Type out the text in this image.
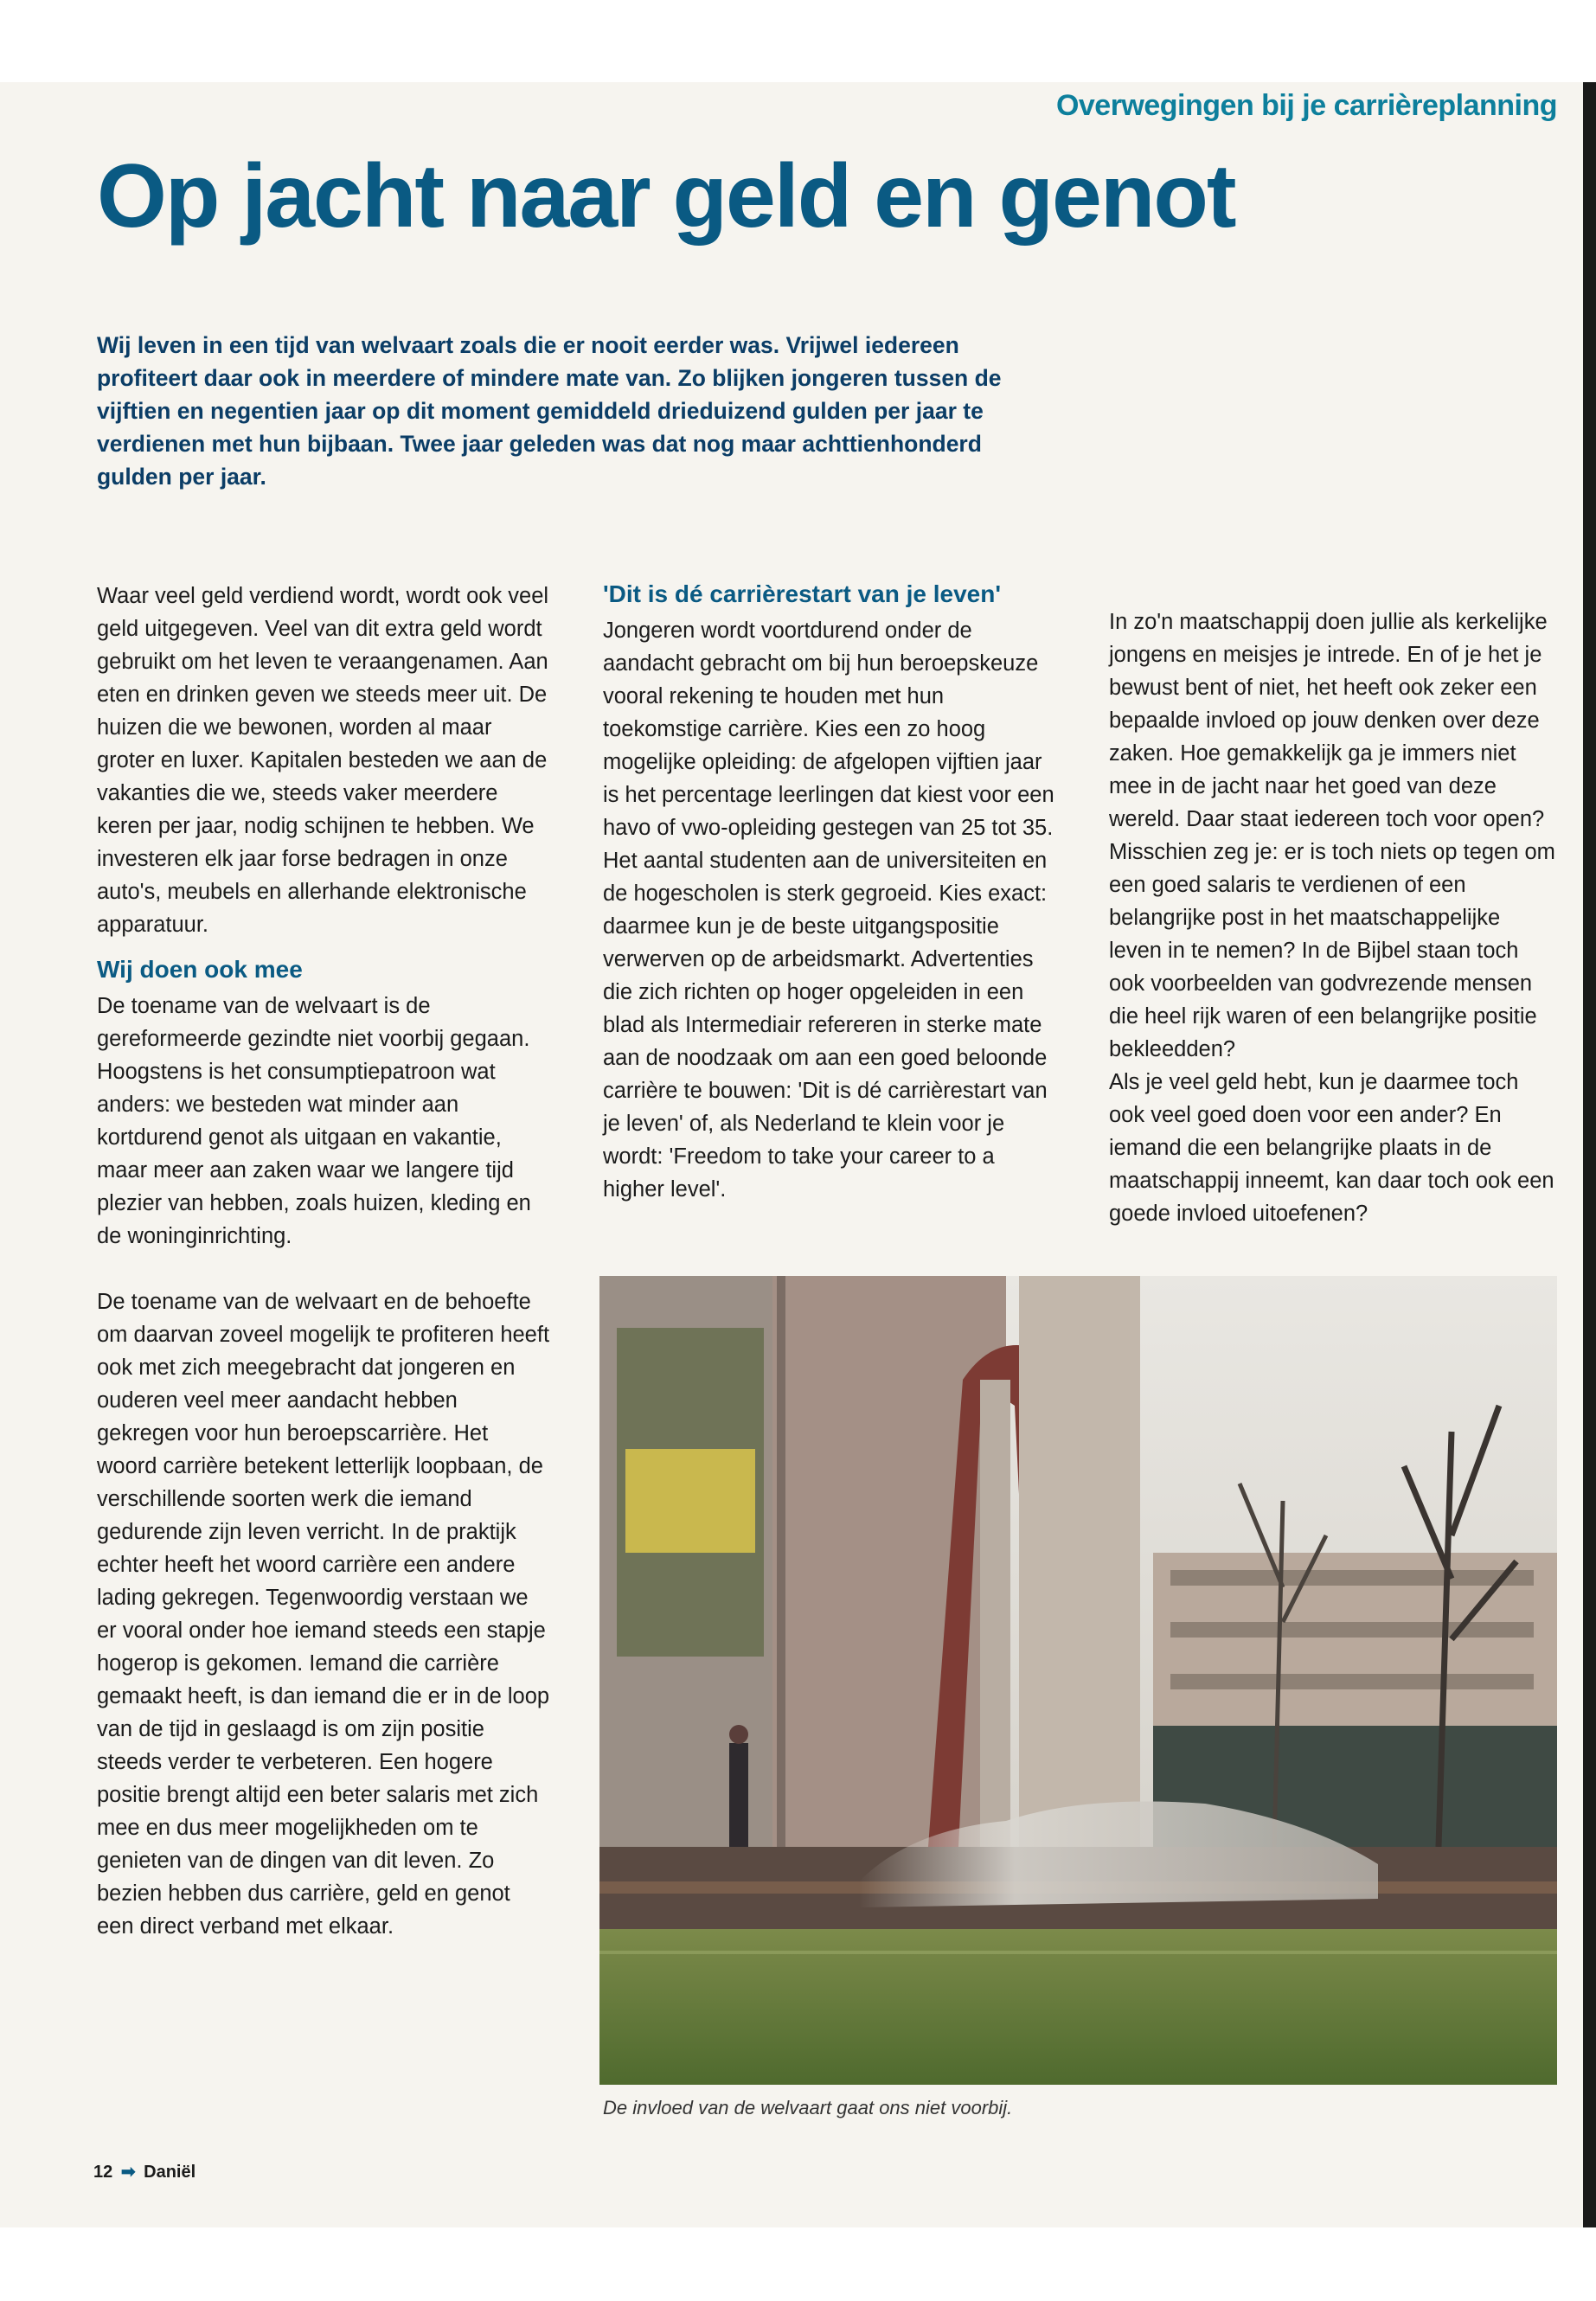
Overwegingen bij je carrièreplanning
Op jacht naar geld en genot

Wij leven in een tijd van welvaart zoals die er nooit eerder was. Vrijwel iedereen profiteert daar ook in meerdere of mindere mate van. Zo blijken jongeren tussen de vijftien en negentien jaar op dit moment gemiddeld drieduizend gulden per jaar te verdienen met hun bijbaan. Twee jaar geleden was dat nog maar achttienhonderd gulden per jaar.

Waar veel geld verdiend wordt, wordt ook veel geld uitgegeven. Veel van dit extra geld wordt gebruikt om het leven te veraangenamen. Aan eten en drinken geven we steeds meer uit. De huizen die we bewonen, worden al maar groter en luxer. Kapitalen besteden we aan de vakanties die we, steeds vaker meerdere keren per jaar, nodig schijnen te hebben. We investeren elk jaar forse bedragen in onze auto's, meubels en allerhande elektronische apparatuur.

Wij doen ook mee

De toename van de welvaart is de gereformeerde gezindte niet voorbij gegaan. Hoogstens is het consumptiepatroon wat anders: we besteden wat minder aan kortdurend genot als uitgaan en vakantie, maar meer aan zaken waar we langere tijd plezier van hebben, zoals huizen, kleding en de woninginrichting.

De toename van de welvaart en de behoefte om daarvan zoveel mogelijk te profiteren heeft ook met zich meegebracht dat jongeren en ouderen veel meer aandacht hebben gekregen voor hun beroepscarrière. Het woord carrière betekent letterlijk loopbaan, de verschillende soorten werk die iemand gedurende zijn leven verricht. In de praktijk echter heeft het woord carrière een andere lading gekregen. Tegenwoordig verstaan we er vooral onder hoe iemand steeds een stapje hogerop is gekomen. Iemand die carrière gemaakt heeft, is dan iemand die er in de loop van de tijd in geslaagd is om zijn positie steeds verder te verbeteren. Een hogere positie brengt altijd een beter salaris met zich mee en dus meer mogelijkheden om te genieten van de dingen van dit leven. Zo bezien hebben dus carrière, geld en genot een direct verband met elkaar.

'Dit is dé carrièrestart van je leven'

Jongeren wordt voortdurend onder de aandacht gebracht om bij hun beroepskeuze vooral rekening te houden met hun toekomstige carrière. Kies een zo hoog mogelijke opleiding: de afgelopen vijftien jaar is het percentage leerlingen dat kiest voor een havo of vwo-opleiding gestegen van 25 tot 35. Het aantal studenten aan de universiteiten en de hogescholen is sterk gegroeid. Kies exact: daarmee kun je de beste uitgangspositie verwerven op de arbeidsmarkt. Advertenties die zich richten op hoger opgeleiden in een blad als Intermediair refereren in sterke mate aan de noodzaak om aan een goed beloonde carrière te bouwen: 'Dit is dé carrièrestart van je leven' of, als Nederland te klein voor je wordt: 'Freedom to take your career to a higher level'.

In zo'n maatschappij doen jullie als kerkelijke jongens en meisjes je intrede. En of je het je bewust bent of niet, het heeft ook zeker een bepaalde invloed op jouw denken over deze zaken. Hoe gemakkelijk ga je immers niet mee in de jacht naar het goed van deze wereld. Daar staat iedereen toch voor open?

Misschien zeg je: er is toch niets op tegen om een goed salaris te verdienen of een belangrijke post in het maatschappelijke leven in te nemen? In de Bijbel staan toch ook voorbeelden van godvrezende mensen die heel rijk waren of een belangrijke positie bekleedden?

Als je veel geld hebt, kun je daarmee toch ook veel goed doen voor een ander? En iemand die een belangrijke plaats in de maatschappij inneemt, kan daar toch ook een goede invloed uitoefenen?

De invloed van de welvaart gaat ons niet voorbij.

12 ➡ Daniël
